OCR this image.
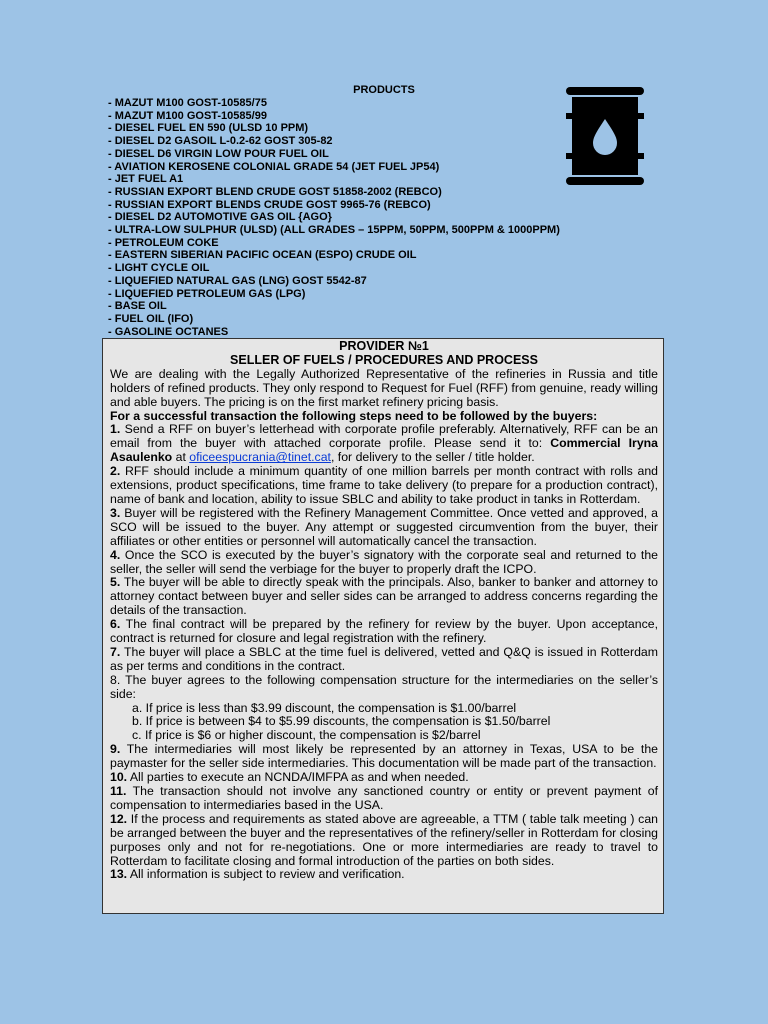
PRODUCTS
- MAZUT M100 GOST-10585/75
- MAZUT M100 GOST-10585/99
- DIESEL FUEL EN 590 (ULSD 10 PPM)
- DIESEL D2 GASOIL L-0.2-62 GOST 305-82
- DIESEL D6 VIRGIN LOW POUR FUEL OIL
- AVIATION KEROSENE COLONIAL GRADE 54 (JET FUEL JP54)
- JET FUEL A1
- RUSSIAN EXPORT BLEND CRUDE GOST 51858-2002 (REBCO)
- RUSSIAN EXPORT BLENDS CRUDE GOST 9965-76 (REBCO)
- DIESEL D2 AUTOMOTIVE GAS OIL {AGO}
- ULTRA-LOW SULPHUR (ULSD) (ALL GRADES – 15PPM, 50PPM, 500PPM & 1000PPM)
- PETROLEUM COKE
- EASTERN SIBERIAN PACIFIC OCEAN (ESPO) CRUDE OIL
- LIGHT CYCLE OIL
- LIQUEFIED NATURAL GAS (LNG) GOST 5542-87
- LIQUEFIED PETROLEUM GAS (LPG)
- BASE OIL
- FUEL OIL (IFO)
- GASOLINE OCTANES

PROVIDER №1

SELLER OF FUELS / PROCEDURES AND PROCESS

We are dealing with the Legally Authorized Representative of the refineries in Russia and title holders of refined products. They only respond to Request for Fuel (RFF) from genuine, ready willing and able buyers. The pricing is on the first market refinery pricing basis.

For a successful transaction the following steps need to be followed by the buyers:

1. Send a RFF on buyer’s letterhead with corporate profile preferably. Alternatively, RFF can be an email from the buyer with attached corporate profile. Please send it to: Commercial Iryna Asaulenko at oficeespucrania@tinet.cat, for delivery to the seller / title holder.

2. RFF should include a minimum quantity of one million barrels per month contract with rolls and extensions, product specifications, time frame to take delivery (to prepare for a production contract), name of bank and location, ability to issue SBLC and ability to take product in tanks in Rotterdam.

3. Buyer will be registered with the Refinery Management Committee. Once vetted and approved, a SCO will be issued to the buyer. Any attempt or suggested circumvention from the buyer, their affiliates or other entities or personnel will automatically cancel the transaction.

4. Once the SCO is executed by the buyer’s signatory with the corporate seal and returned to the seller, the seller will send the verbiage for the buyer to properly draft the ICPO.

5. The buyer will be able to directly speak with the principals. Also, banker to banker and attorney to attorney contact between buyer and seller sides can be arranged to address concerns regarding the details of the transaction.

6. The final contract will be prepared by the refinery for review by the buyer. Upon acceptance, contract is returned for closure and legal registration with the refinery.

7. The buyer will place a SBLC at the time fuel is delivered, vetted and Q&Q is issued in Rotterdam as per terms and conditions in the contract.

8. The buyer agrees to the following compensation structure for the intermediaries on the seller’s side:

a. If price is less than $3.99 discount, the compensation is $1.00/barrel

b. If price is between $4 to $5.99 discounts, the compensation is $1.50/barrel

c. If price is $6 or higher discount, the compensation is $2/barrel

9. The intermediaries will most likely be represented by an attorney in Texas, USA to be the paymaster for the seller side intermediaries. This documentation will be made part of the transaction.

10. All parties to execute an NCNDA/IMFPA as and when needed.

11. The transaction should not involve any sanctioned country or entity or prevent payment of compensation to intermediaries based in the USA.

12. If the process and requirements as stated above are agreeable, a TTM ( table talk meeting ) can be arranged between the buyer and the representatives of the refinery/seller in Rotterdam for closing purposes only and not for re-negotiations. One or more intermediaries are ready to travel to Rotterdam to facilitate closing and formal introduction of the parties on both sides.

13. All information is subject to review and verification.
